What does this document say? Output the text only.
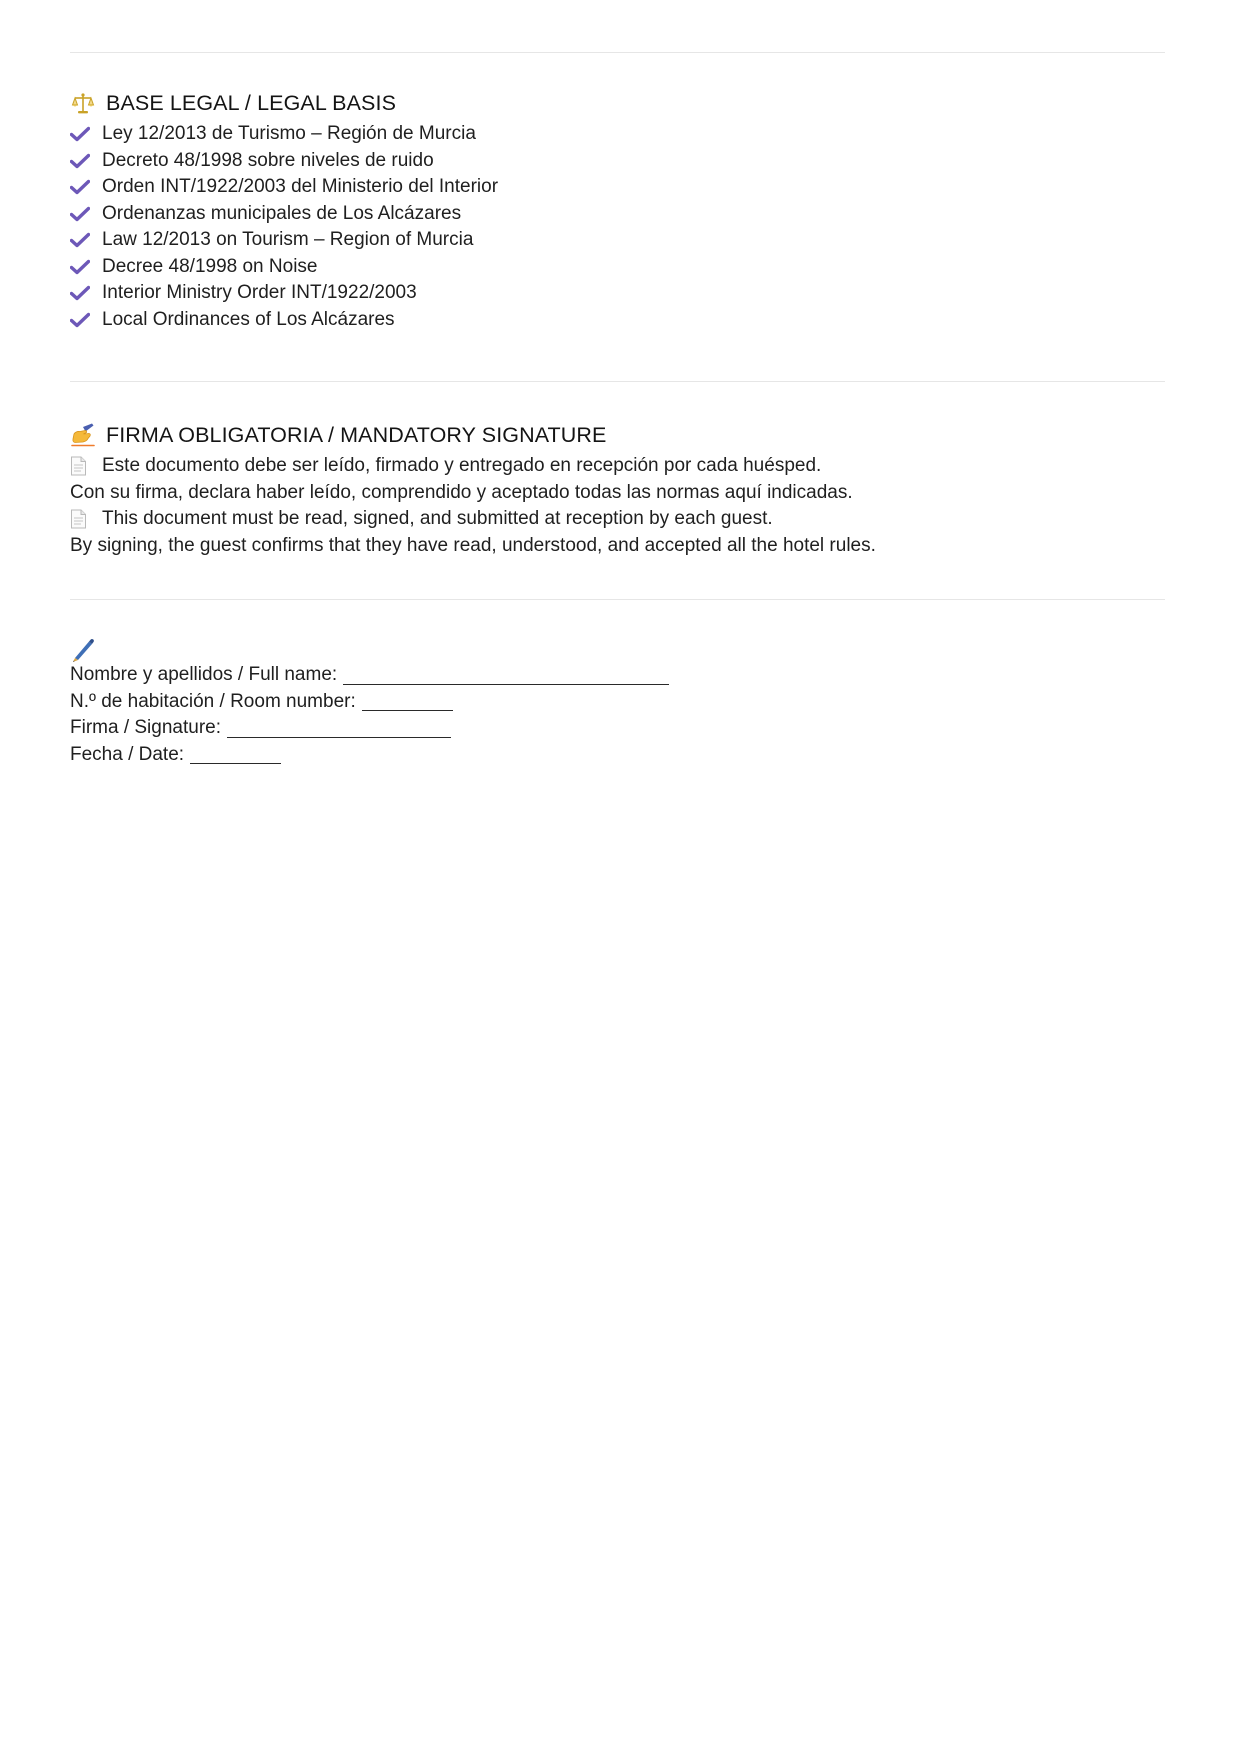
BASE LEGAL / LEGAL BASIS
Ley 12/2013 de Turismo – Región de Murcia
Decreto 48/1998 sobre niveles de ruido
Orden INT/1922/2003 del Ministerio del Interior
Ordenanzas municipales de Los Alcázares
Law 12/2013 on Tourism – Region of Murcia
Decree 48/1998 on Noise
Interior Ministry Order INT/1922/2003
Local Ordinances of Los Alcázares
FIRMA OBLIGATORIA / MANDATORY SIGNATURE
Este documento debe ser leído, firmado y entregado en recepción por cada huésped.
Con su firma, declara haber leído, comprendido y aceptado todas las normas aquí indicadas.
This document must be read, signed, and submitted at reception by each guest.
By signing, the guest confirms that they have read, understood, and accepted all the hotel rules.
Nombre y apellidos / Full name:
N.º de habitación / Room number:
Firma / Signature:
Fecha / Date:
